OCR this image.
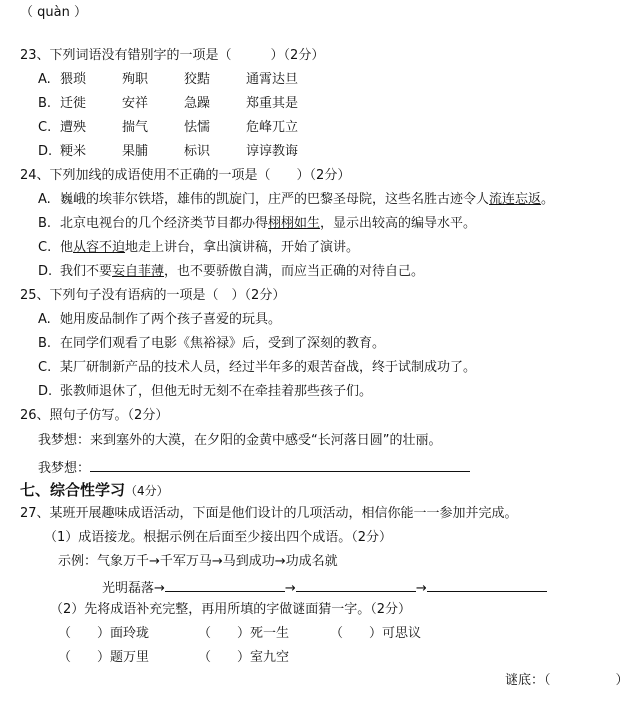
（ quàn ）
23、下列词语没有错别字的一项是（　　　）（2分）
A. 猥琐	殉职	狡黠	通霄达旦
B. 迁徙	安祥	急躁	郑重其是
C. 遭殃	揣气	怯懦	危峰兀立
D. 粳米	果脯	标识	谆谆教诲
24、下列加线的成语使用不正确的一项是（　　）（2分）
A. 巍峨的埃菲尔铁塔，雄伟的凯旋门，庄严的巴黎圣母院，这些名胜古迹令人流连忘返。
B. 北京电视台的几个经济类节目都办得栩栩如生，显示出较高的编导水平。
C. 他从容不迫地走上讲台，拿出演讲稿，开始了演讲。
D. 我们不要妄自菲薄，也不要骄傲自满，而应当正确的对待自己。
25、下列句子没有语病的一项是（　）（2分）
A. 她用废品制作了两个孩子喜爱的玩具。
B. 在同学们观看了电影《焦裕禄》后，受到了深刻的教育。
C. 某厂研制新产品的技术人员，经过半年多的艰苦奋战，终于试制成功了。
D. 张教师退休了，但他无时无刻不在牵挂着那些孩子们。
26、照句子仿写。（2分）
我梦想：来到塞外的大漠，在夕阳的金黄中感受“长河落日圆”的壮丽。
我梦想：
七、综合性学习（4分）
27、某班开展趣味成语活动，下面是他们设计的几项活动，相信你能一一参加并完成。
（1）成语接龙。根据示例在后面至少接出四个成语。（2分）
示例：气象万千→千军万马→马到成功→功成名就
光明磊落→	→	→
（2）先将成语补充完整，再用所填的字做谜面猜一字。（2分）
（　　）面玲珑	（　　）死一生	（　　）可思议
（　　）题万里	（　　）室九空
谜底：（　　　　　）
